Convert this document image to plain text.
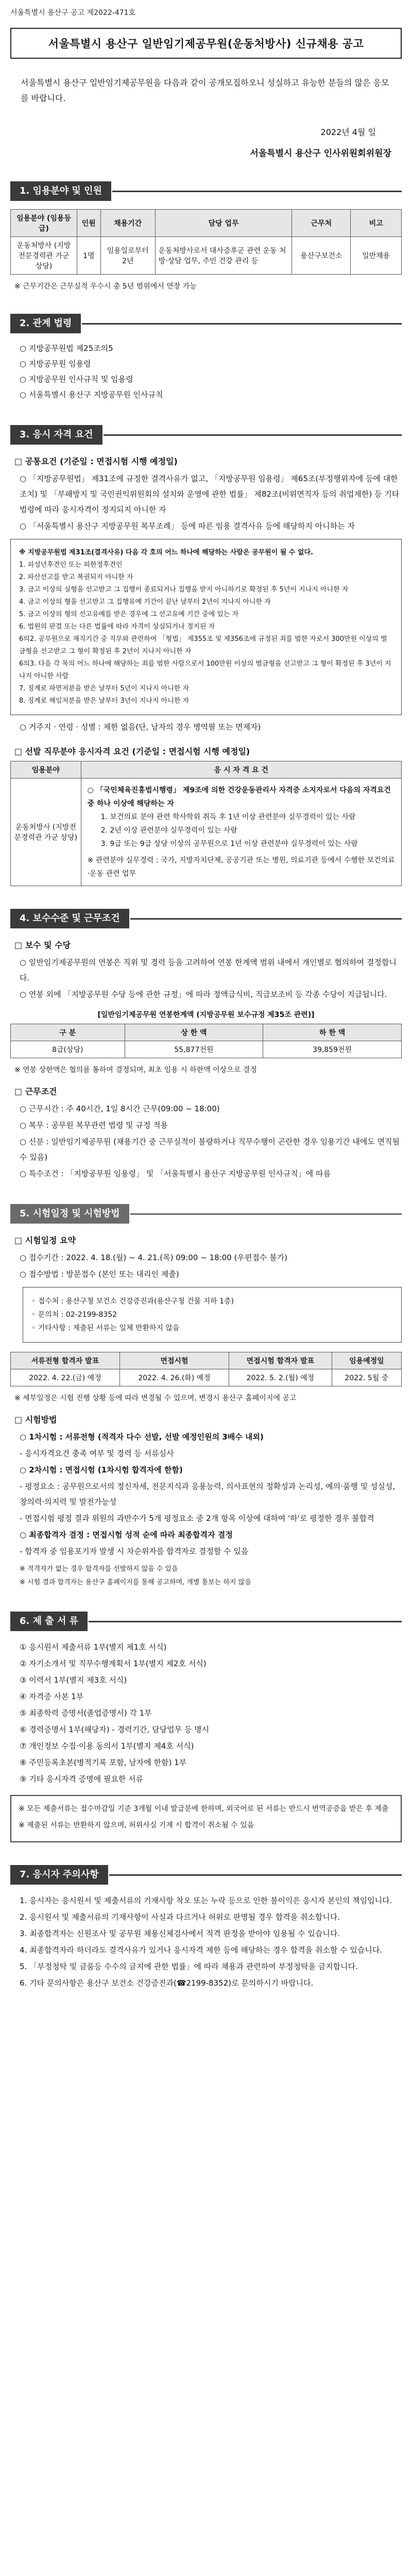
서울특별시 용산구 공고 제2022-471호
서울특별시 용산구 일반임기제공무원(운동처방사) 신규채용 공고
서울특별시 용산구 일반임기제공무원을 다음과 같이 공개모집하오니 성실하고 유능한 분들의 많은 응모를 바랍니다.
2022년 4월 일
서울특별시 용산구 인사위원회위원장
1. 임용분야 및 인원
임용분야 (임용등급)	인원	채용기간	담당 업무	근무처	비고
운동처방사 (지방전문경력관 가군 상당)	1명	임용일로부터 2년	운동처방사로서 대사증후군 관련 운동 처방·상담 업무, 주민 건강 관리 등	용산구보건소	일반채용
※ 근무기간은 근무실적 우수시 총 5년 범위에서 연장 가능
2. 관계 법령
○ 지방공무원법 제25조의5
○ 지방공무원 임용령
○ 지방공무원 인사규칙 및 임용령
○ 서울특별시 용산구 지방공무원 인사규칙
3. 응시 자격 요건
□ 공통요건 (기준일 : 면접시험 시행 예정일)

○ 「지방공무원법」 제31조에 규정한 결격사유가 없고, 「지방공무원 임용령」 제65조(부정행위자에 등에 대한 조치) 및 「부패방지 및 국민권익위원회의 설치와 운영에 관한 법률」 제82조(비위면직자 등의 취업제한) 등 기타 법령에 따라 응시자격이 정지되지 아니한 자

○ 「서울특별시 용산구 지방공무원 복무조례」 등에 따른 임용 결격사유 등에 해당하지 아니하는 자

※ 지방공무원법 제31조(결격사유) 다음 각 호의 어느 하나에 해당하는 사람은 공무원이 될 수 없다.

1. 피성년후견인 또는 피한정후견인

2. 파산선고를 받고 복권되지 아니한 자

3. 금고 이상의 실형을 선고받고 그 집행이 종료되거나 집행을 받지 아니하기로 확정된 후 5년이 지나지 아니한 자

4. 금고 이상의 형을 선고받고 그 집행유예 기간이 끝난 날부터 2년이 지나지 아니한 자

5. 금고 이상의 형의 선고유예를 받은 경우에 그 선고유예 기간 중에 있는 자

6. 법원의 판결 또는 다른 법률에 따라 자격이 상실되거나 정지된 자

6의2. 공무원으로 재직기간 중 직무와 관련하여 「형법」 제355조 및 제356조에 규정된 죄를 범한 자로서 300만원 이상의 벌금형을 선고받고 그 형이 확정된 후 2년이 지나지 아니한 자

6의3. 다음 각 목의 어느 하나에 해당하는 죄를 범한 사람으로서 100만원 이상의 벌금형을 선고받고 그 형이 확정된 후 3년이 지나지 아니한 사람

7. 징계로 파면처분을 받은 날부터 5년이 지나지 아니한 자

8. 징계로 해임처분을 받은 날부터 3년이 지나지 아니한 자

○ 거주지 · 연령 · 성별 : 제한 없음(단, 남자의 경우 병역필 또는 면제자)

□ 선발 직무분야 응시자격 요건 (기준일 : 면접시험 시행 예정일)
임용분야	응 시 자 격 요 건
운동처방사 (지방전문경력관 가군 상당)	○ 「국민체육진흥법시행령」 제9조에 의한 건강운동관리사 자격증 소지자로서 다음의 자격요건 중 하나 이상에 해당하는 자
1. 보건의료 분야 관련 학사학위 취득 후 1년 이상 관련분야 실무경력이 있는 사람
2. 2년 이상 관련분야 실무경력이 있는 사람
3. 9급 또는 9급 상당 이상의 공무원으로 1년 이상 관련분야 실무경력이 있는 사람
※ 관련분야 실무경력 : 국가, 지방자치단체, 공공기관 또는 병원, 의료기관 등에서 수행한 보건의료·운동 관련 업무
4. 보수수준 및 근무조건
□ 보수 및 수당

○ 일반임기제공무원의 연봉은 직위 및 경력 등을 고려하여 연봉 한계액 범위 내에서 개인별로 협의하여 결정합니다.

○ 연봉 외에 「지방공무원 수당 등에 관한 규정」에 따라 정액급식비, 직급보조비 등 각종 수당이 지급됩니다.

[일반임기제공무원 연봉한계액 (지방공무원 보수규정 제35조 관련)]
구 분	상 한 액	하 한 액
8급(상당)	55,877천원	39,859천원
※ 연봉 상한액은 협의를 통하여 결정되며, 최초 임용 시 하한액 이상으로 결정
□ 근무조건

○ 근무시간 : 주 40시간, 1일 8시간 근무(09:00 ~ 18:00)

○ 복무 : 공무원 복무관련 법령 및 규정 적용

○ 신분 : 일반임기제공무원 (채용기간 중 근무실적이 불량하거나 직무수행이 곤란한 경우 임용기간 내에도 면직될 수 있음)

○ 특수조건 : 「지방공무원 임용령」 및 「서울특별시 용산구 지방공무원 인사규칙」에 따름

5. 시험일정 및 시험방법
□ 시험일정 요약

○ 접수기간 : 2022. 4. 18.(월) ~ 4. 21.(목) 09:00 ~ 18:00 (우편접수 불가)

○ 접수방법 : 방문접수 (본인 또는 대리인 제출)

◦ 접수처 : 용산구청 보건소 건강증진과(용산구청 건물 지하 1층)

◦ 문의처 : 02-2199-8352

◦ 기타사항 : 제출된 서류는 일체 반환하지 않음

서류전형 합격자 발표	면접시험	면접시험 합격자 발표	임용예정일
2022. 4. 22.(금) 예정	2022. 4. 26.(화) 예정	2022. 5. 2.(월) 예정	2022. 5월 중
※ 세부일정은 시험 진행 상황 등에 따라 변경될 수 있으며, 변경시 용산구 홈페이지에 공고
□ 시험방법

○ 1차시험 : 서류전형 (적격자 다수 선발, 선발 예정인원의 3배수 내외)

- 응시자격요건 충족 여부 및 경력 등 서류심사

○ 2차시험 : 면접시험 (1차시험 합격자에 한함)

- 평정요소 : 공무원으로서의 정신자세, 전문지식과 응용능력, 의사표현의 정확성과 논리성, 예의·품행 및 성실성, 창의력·의지력 및 발전가능성

- 면접시험 평정 결과 위원의 과반수가 5개 평정요소 중 2개 항목 이상에 대하여 '하'로 평정한 경우 불합격

○ 최종합격자 결정 : 면접시험 성적 순에 따라 최종합격자 결정

- 합격자 중 임용포기자 발생 시 차순위자를 합격자로 결정할 수 있음

※ 적격자가 없는 경우 합격자를 선발하지 않을 수 있음

※ 시험 결과 합격자는 용산구 홈페이지를 통해 공고하며, 개별 통보는 하지 않음

6. 제 출 서 류

① 응시원서 제출서류 1부(별지 제1호 서식)

② 자기소개서 및 직무수행계획서 1부(별지 제2호 서식)

③ 이력서 1부(별지 제3호 서식)

④ 자격증 사본 1부

⑤ 최종학력 증명서(졸업증명서) 각 1부

⑥ 경력증명서 1부(해당자) - 경력기간, 담당업무 등 명시

⑦ 개인정보 수집·이용 동의서 1부(별지 제4호 서식)

⑧ 주민등록초본(병적기록 포함, 남자에 한함) 1부

⑨ 기타 응시자격 증명에 필요한 서류

※ 모든 제출서류는 접수마감일 기준 3개월 이내 발급분에 한하며, 외국어로 된 서류는 반드시 번역공증을 받은 후 제출

※ 제출된 서류는 반환하지 않으며, 허위사실 기재 시 합격이 취소될 수 있음

7. 응시자 주의사항

1. 응시자는 응시원서 및 제출서류의 기재사항 착오 또는 누락 등으로 인한 불이익은 응시자 본인의 책임입니다.

2. 응시원서 및 제출서류의 기재사항이 사실과 다르거나 허위로 판명될 경우 합격을 취소합니다.

3. 최종합격자는 신원조사 및 공무원 채용신체검사에서 적격 판정을 받아야 임용될 수 있습니다.

4. 최종합격자라 하더라도 결격사유가 있거나 응시자격 제한 등에 해당하는 경우 합격을 취소할 수 있습니다.

5. 「부정청탁 및 금품등 수수의 금지에 관한 법률」에 따라 채용과 관련하여 부정청탁을 금지합니다.

6. 기타 문의사항은 용산구 보건소 건강증진과(☎2199-8352)로 문의하시기 바랍니다.
